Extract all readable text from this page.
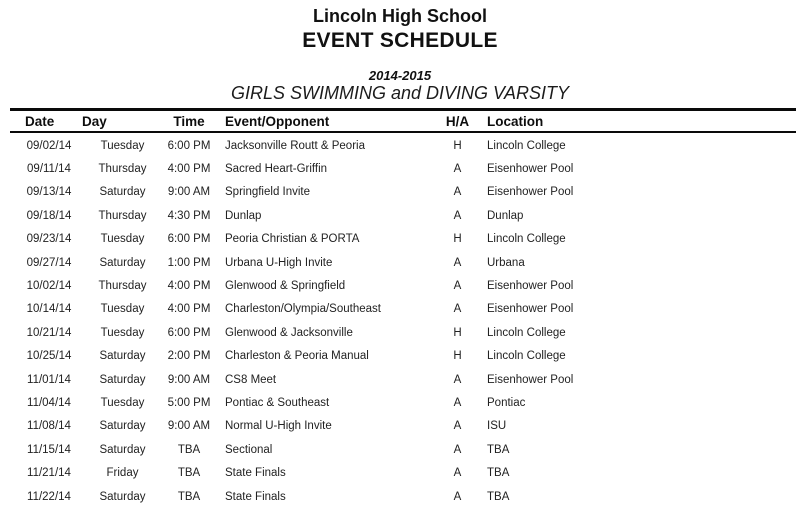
Lincoln High School
EVENT SCHEDULE
2014-2015
GIRLS SWIMMING and DIVING VARSITY
Date	Day	Time	Event/Opponent	H/A	Location
09/02/14	Tuesday	6:00 PM	Jacksonville Routt & Peoria	H	Lincoln College
09/11/14	Thursday	4:00 PM	Sacred Heart-Griffin	A	Eisenhower Pool
09/13/14	Saturday	9:00 AM	Springfield Invite	A	Eisenhower Pool
09/18/14	Thursday	4:30 PM	Dunlap	A	Dunlap
09/23/14	Tuesday	6:00 PM	Peoria Christian & PORTA	H	Lincoln College
09/27/14	Saturday	1:00 PM	Urbana U-High Invite	A	Urbana
10/02/14	Thursday	4:00 PM	Glenwood & Springfield	A	Eisenhower Pool
10/14/14	Tuesday	4:00 PM	Charleston/Olympia/Southeast	A	Eisenhower Pool
10/21/14	Tuesday	6:00 PM	Glenwood & Jacksonville	H	Lincoln College
10/25/14	Saturday	2:00 PM	Charleston & Peoria Manual	H	Lincoln College
11/01/14	Saturday	9:00 AM	CS8 Meet	A	Eisenhower Pool
11/04/14	Tuesday	5:00 PM	Pontiac & Southeast	A	Pontiac
11/08/14	Saturday	9:00 AM	Normal U-High Invite	A	ISU
11/15/14	Saturday	TBA	Sectional	A	TBA
11/21/14	Friday	TBA	State Finals	A	TBA
11/22/14	Saturday	TBA	State Finals	A	TBA
